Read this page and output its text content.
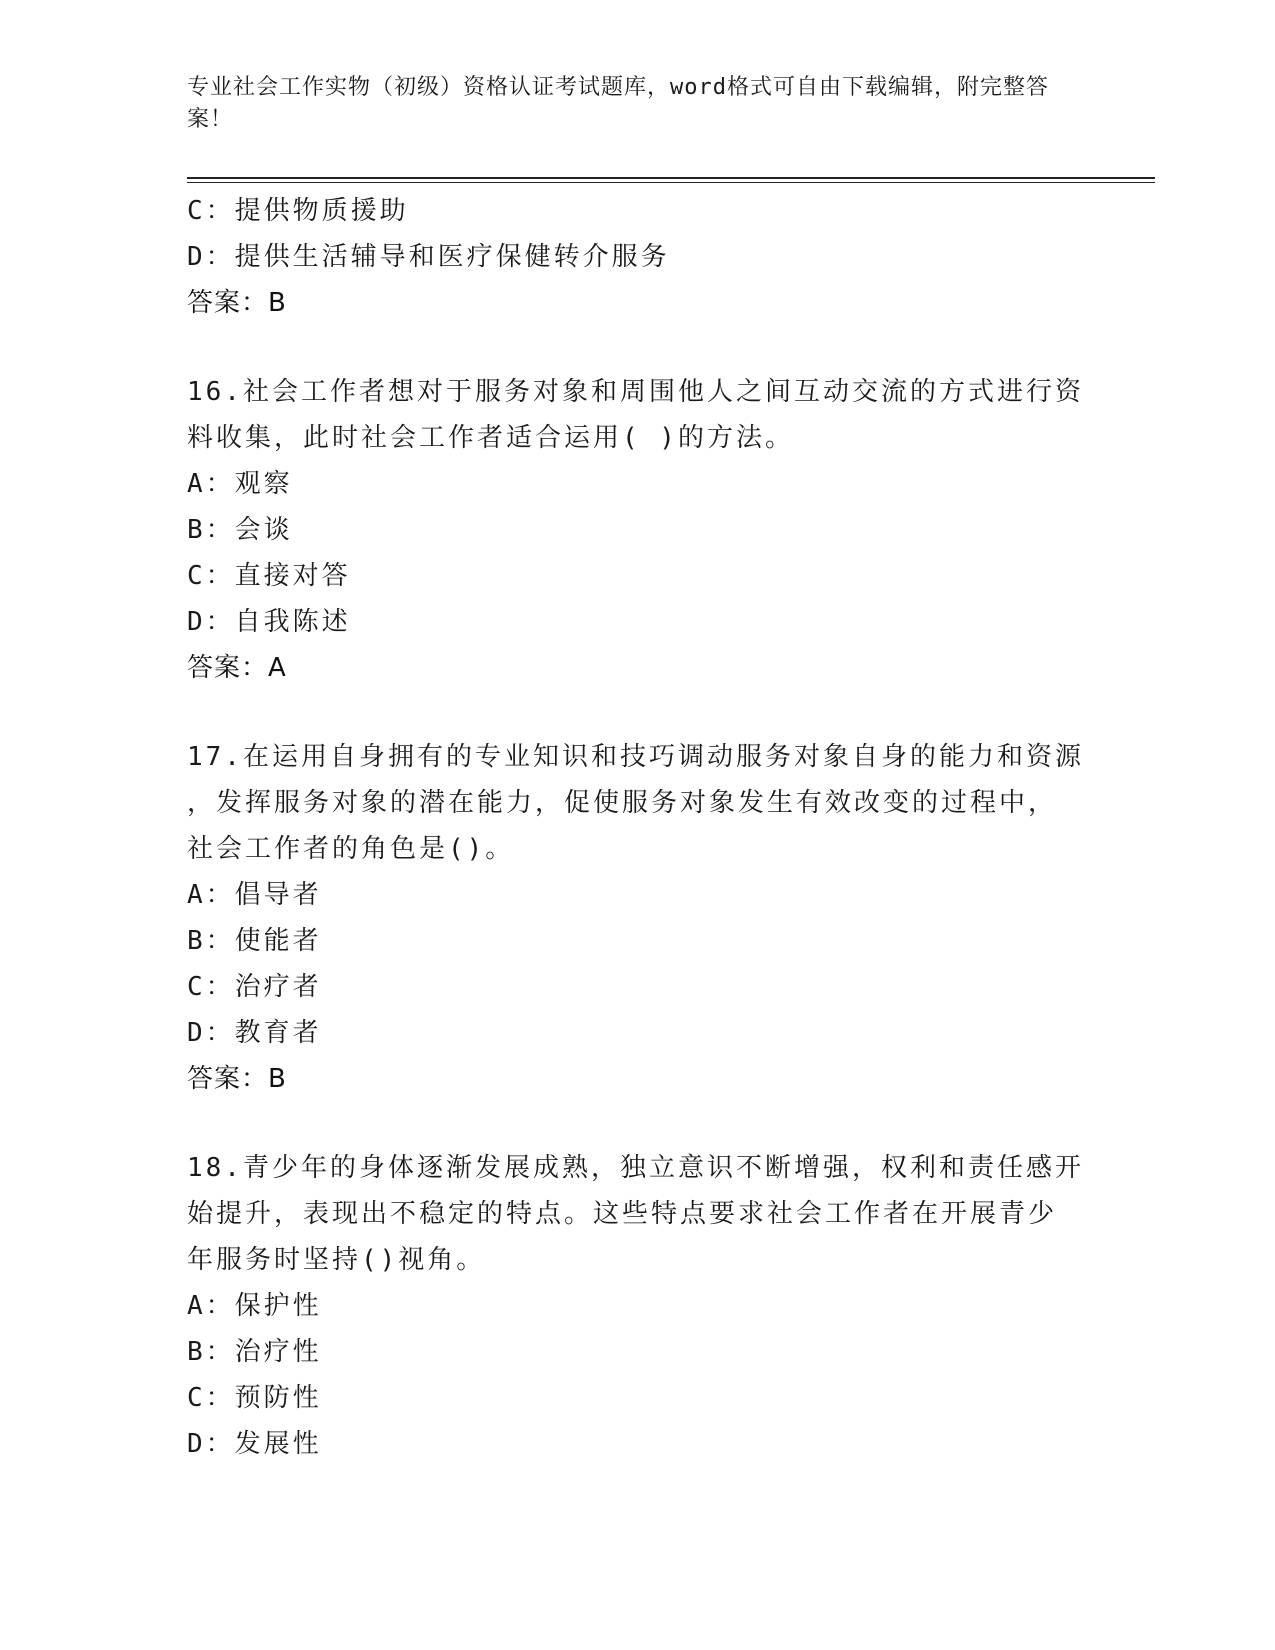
专业社会工作实物（初级）资格认证考试题库，word格式可自由下载编辑，附完整答案！
C：提供物质援助
D：提供生活辅导和医疗保健转介服务
答案：B
16.社会工作者想对于服务对象和周围他人之间互动交流的方式进行资
料收集，此时社会工作者适合运用( )的方法。
A：观察
B：会谈
C：直接对答
D：自我陈述
答案：A
17.在运用自身拥有的专业知识和技巧调动服务对象自身的能力和资源
，发挥服务对象的潜在能力，促使服务对象发生有效改变的过程中，
社会工作者的角色是()。
A：倡导者
B：使能者
C：治疗者
D：教育者
答案：B
18.青少年的身体逐渐发展成熟，独立意识不断增强，权利和责任感开
始提升，表现出不稳定的特点。这些特点要求社会工作者在开展青少
年服务时坚持()视角。
A：保护性
B：治疗性
C：预防性
D：发展性
